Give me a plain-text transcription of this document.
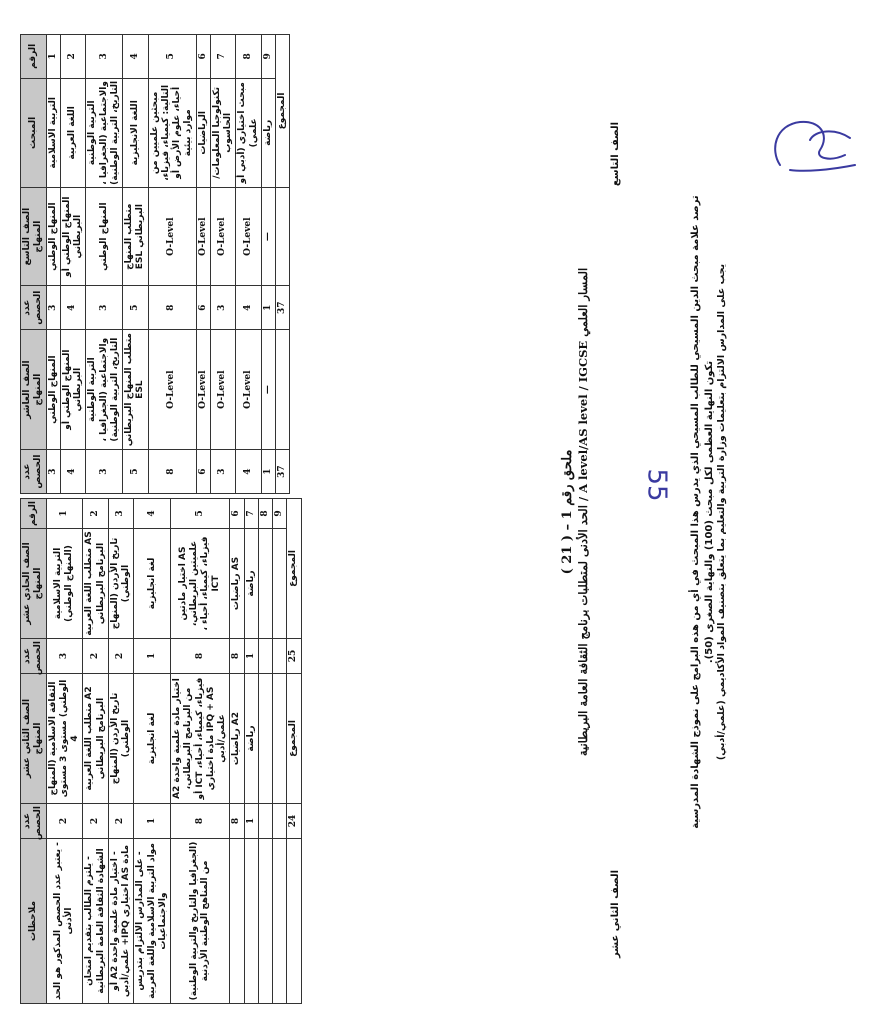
ملحق رقم 1 – ( 21 ) المسار العلمي A level/AS level / IGCSE / الحد الأدنى لمتطلبات برنامج الثقافة العامة البريطانية
الصف الثاني عشر
الصف التاسع
الرقم	المبحث	الصف التاسع
المنهاج	عدد الحصص	الصف العاشر
المنهاج	عدد الحصص
1	التربية الاسلامية	المنهاج الوطني	3	المنهاج الوطني	3
2	اللغة العربية	المنهاج الوطني أو البريطاني	4	المنهاج الوطني أو البريطاني	4
3	التربية الوطنية والاجتماعية (الجغرافيا ، التاريخ، التربية الوطنية)	المنهاج الوطني	3	التربية الوطنية والاجتماعية (الجغرافيا ، التاريخ، التربية الوطنية)	3
4	اللغة الانجليزية	متطلب المنهاج البريطاني ESL	5	متطلب المنهاج البريطاني ESL	5
5	مبحثين علميين من التالية: كيمياء، فيزياء، أحياء، علوم الأرض أو موارد بيئية	O-Level	8	O-Level	8
6	الرياضيات	O-Level	6	O-Level	6
7	تكنولوجيا المعلومات/ الحاسوب	O-Level	3	O-Level	3
8	مبحث اختياري (أدبي أو علمي)	O-Level	4	O-Level	4
9	رياضة	—	1	—	1
المجموع			37		37
الرقم	الصف الحادي عشر
المنهاج	عدد الحصص	الصف الثاني عشر
المنهاج	عدد الحصص	ملاحظات
1	التربية الاسلامية (المنهاج الوطني)	3	الثقافة الاسلامية (المنهاج الوطني) مستوى 3 مستوى 4	2	- يعتبر عدد الحصص المذكور هو الحد الأدنى
2	AS متطلب اللغة العربية البرنامج البريطاني	2	A2 متطلب اللغة العربية البرنامج البريطاني	2	- يلتزم الطالب بتقديم امتحان الشهادة الثقافة العامة البريطانية
3	تاريخ الأردن (المنهاج الوطني)	2	تاريخ الأردن (المنهاج الوطني)	2	- اختيار مادة علمية واحدة A2 أو مادة AS اختياري IPQ+ علمي/أدبي
4	لغة انجليزية	1	لغة انجليزية	1	- على المدارس الالتزام بتدريس مواد التربية الاسلامية واللغة العربية والاجتماعيات
5	AS اختيار مادتين علميتين البريطاني، فيزياء، كيمياء، أحياء ، ICT	8	اختيار مادة علمية واحدة A2 من البرنامج البريطاني، فيزياء، كيمياء، أحياء، ICT أو IPQ + AS مادة اختياري علمي/أدبي	8	(الجغرافيا والتاريخ والتربية الوطنية) من المناهج الوطنية الأردنية
6	AS رياضيات	8	A2 رياضيات	8	
7	رياضة	1	رياضة	1	
8					
9					
المجموع		25	المجموع	24		ترصد علامة مبحث الدين المسيحي للطالب المسيحي الذي يدرس هذا المبحث في أي من هذه البرامج على نموذج الشهادة المدرسية تكون النهاية العظمى لكل مبحث (100) والنهاية الصغرى (50). يجب على المدارس الالتزام بتعليمات وزارة التربية والتعليم بما يتعلق بتصنيف المواد الأكاديمي (علمي/أدبي)
55
